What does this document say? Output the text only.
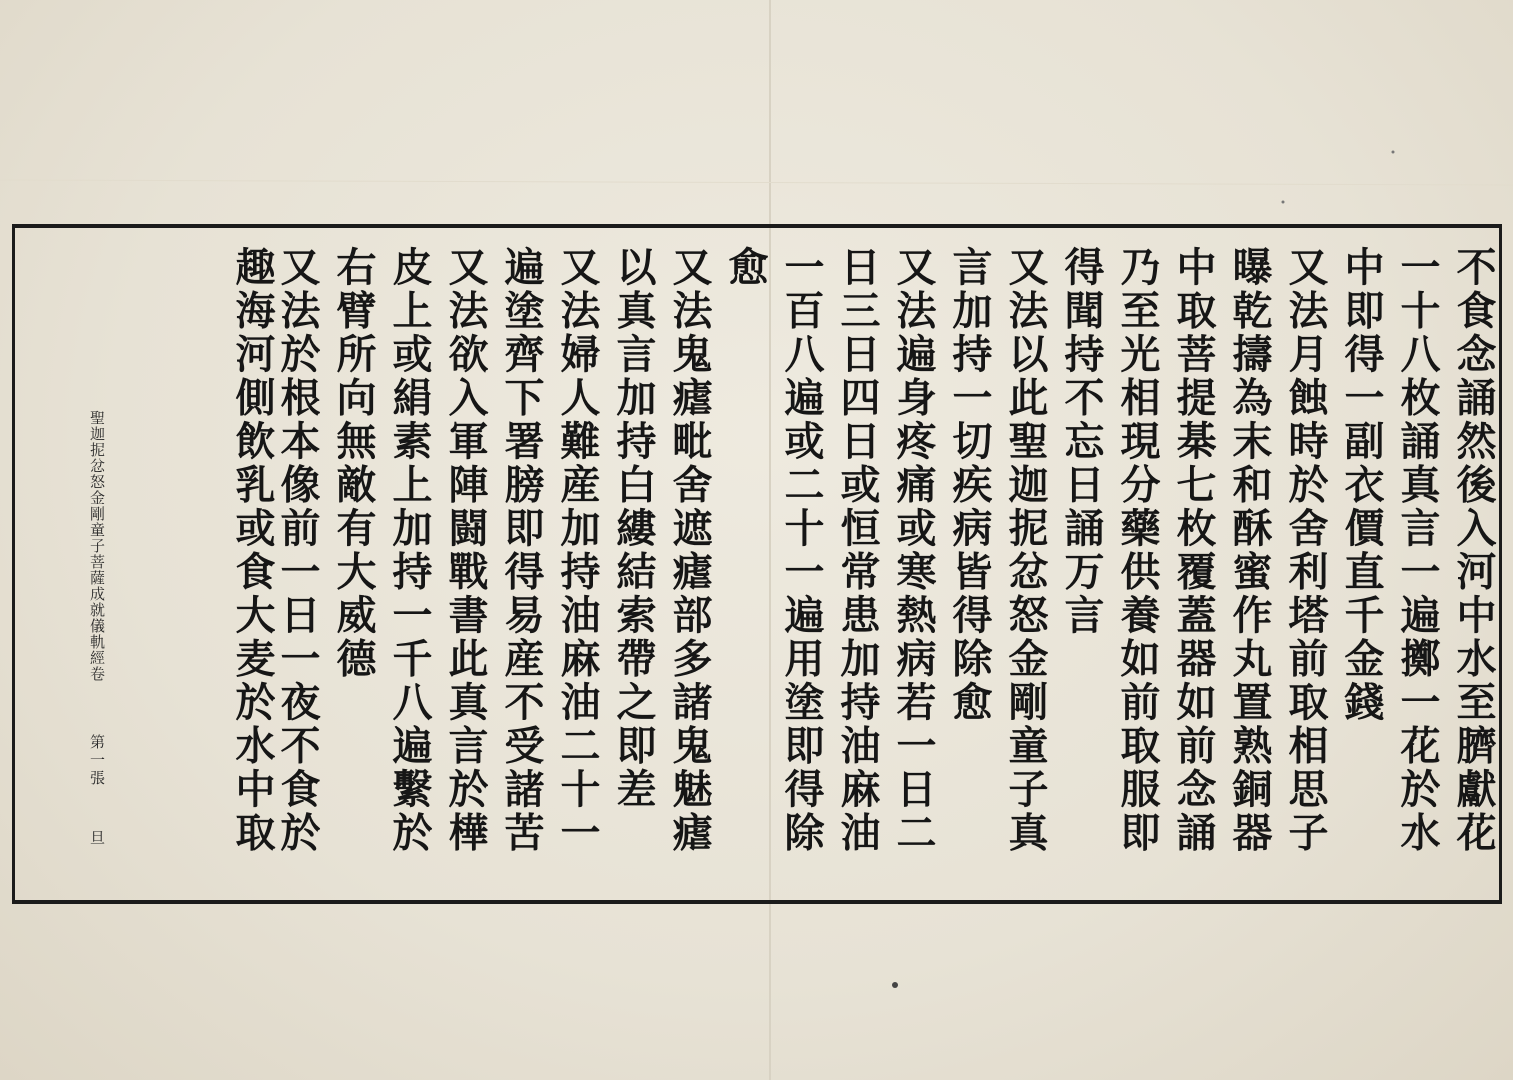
不食念誦然後入河中水至臍獻花
一十八枚誦真言一遍擲一花於水
中即得一副衣價直千金錢
又法月蝕時於舍利塔前取相思子
曝乾擣為末和酥蜜作丸置熟銅器
中取菩提棊七枚覆蓋器如前念誦
乃至光相現分藥供養如前取服即
得聞持不忘日誦万言
又法以此聖迦抳忿怒金剛童子真
言加持一切疾病皆得除愈
又法遍身疼痛或寒熱病若一日二
日三日四日或恒常患加持油麻油
一百八遍或二十一遍用塗即得除
愈
又法鬼瘧毗舍遮瘧部多諸鬼魅瘧
以真言加持白縷結索帶之即差
又法婦人難産加持油麻油二十一
遍塗齊下署膀即得易産不受諸苦
又法欲入軍陣闘戰書此真言於樺
皮上或絹素上加持一千八遍繫於
右臂所向無敵有大威德
又法於根本像前一日一夜不食於
趣海河側飲乳或食大麦於水中取
聖迦抳忿怒金剛童子菩薩成就儀軌經卷
第一張
旦
